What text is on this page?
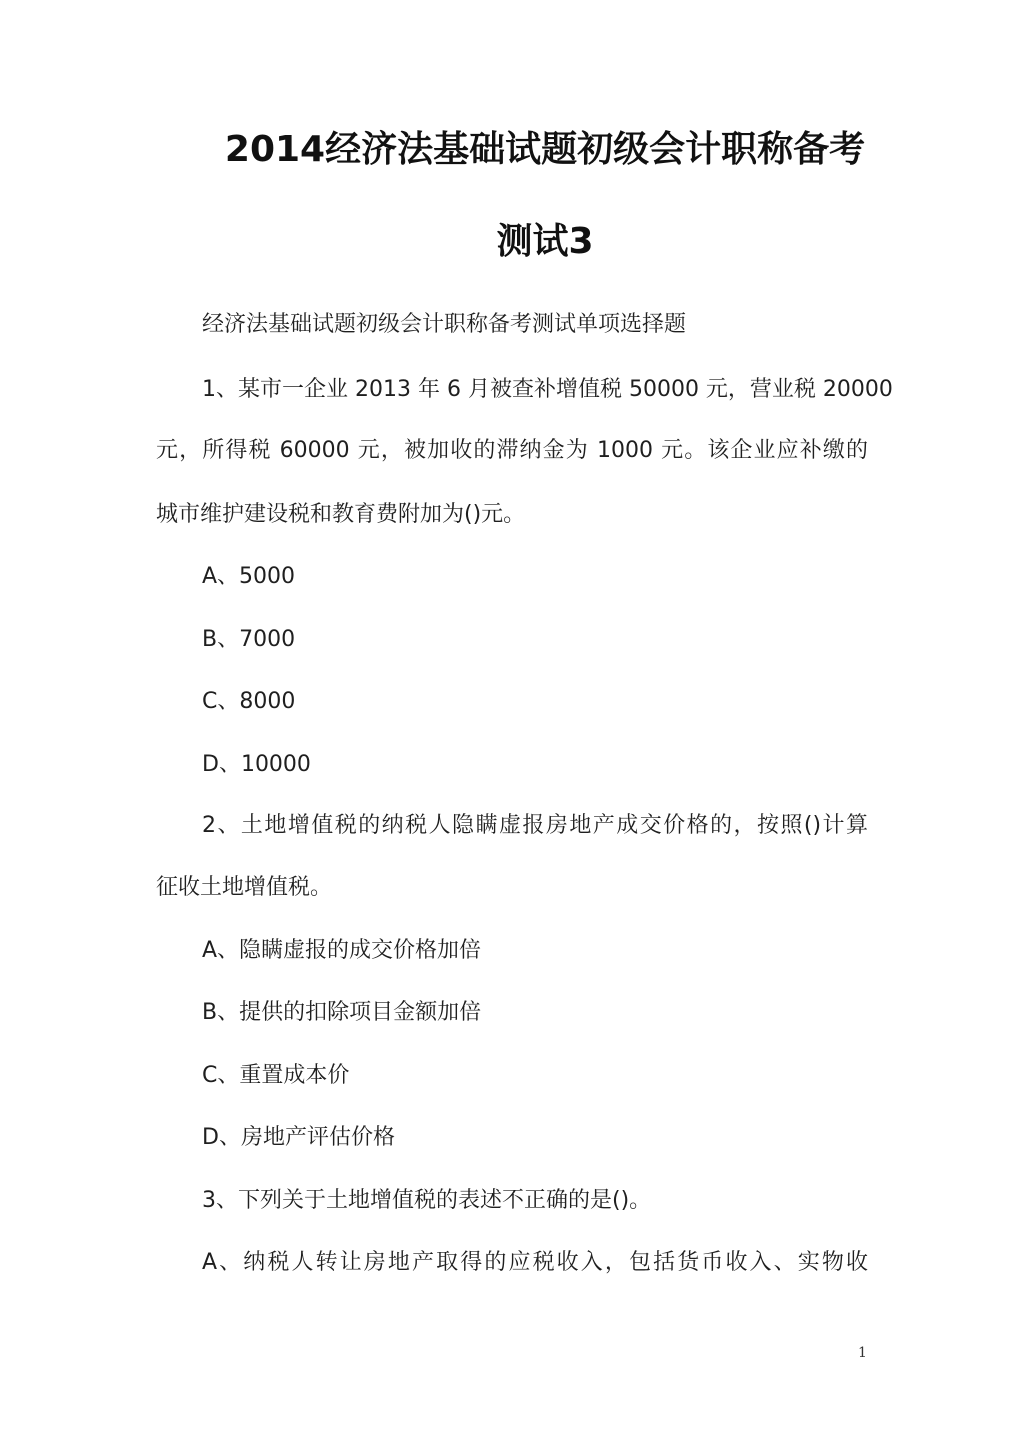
2014经济法基础试题初级会计职称备考
测试3

经济法基础试题初级会计职称备考测试单项选择题

1、某市一企业 2013 年 6 月被查补增值税 50000 元，营业税 20000

元，所得税 60000 元，被加收的滞纳金为 1000 元。该企业应补缴的

城市维护建设税和教育费附加为()元。

A、5000

B、7000

C、8000

D、10000

2、土地增值税的纳税人隐瞒虚报房地产成交价格的，按照()计算

征收土地增值税。

A、隐瞒虚报的成交价格加倍

B、提供的扣除项目金额加倍

C、重置成本价

D、房地产评估价格

3、下列关于土地增值税的表述不正确的是()。

A、纳税人转让房地产取得的应税收入，包括货币收入、实物收

1
